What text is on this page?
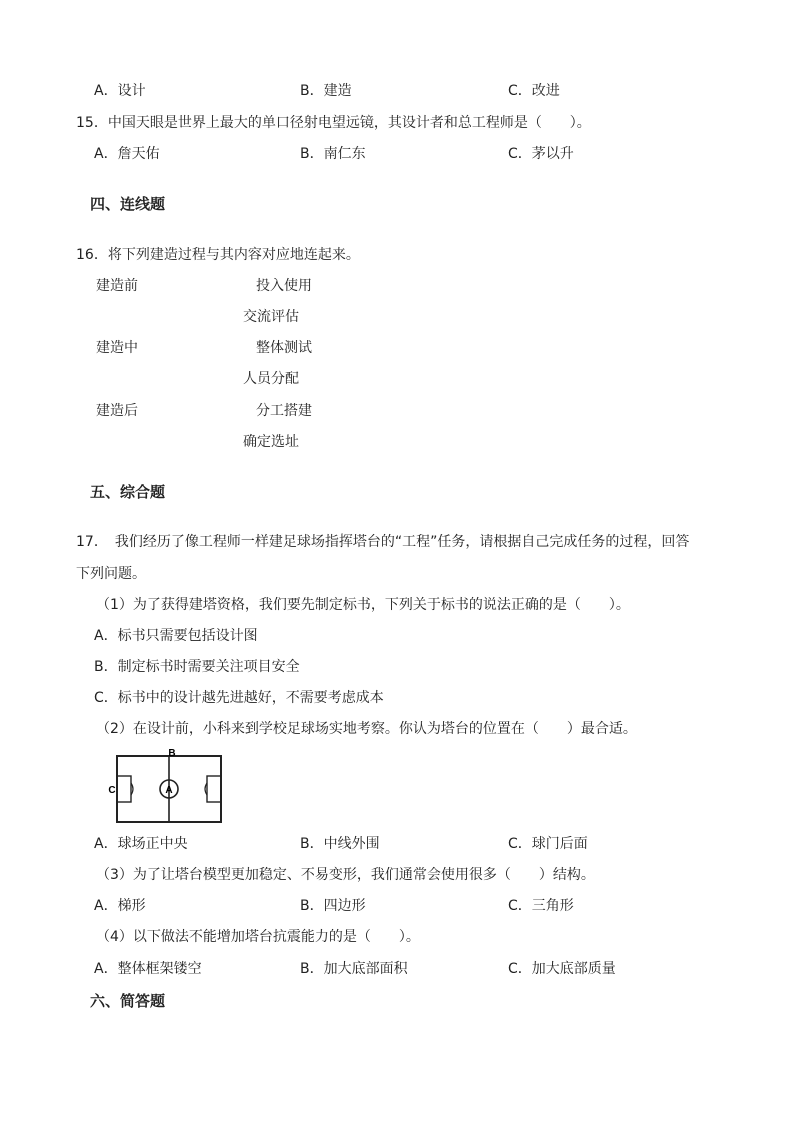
A．设计	B．建造	C．改进
15．中国天眼是世界上最大的单口径射电望远镜，其设计者和总工程师是（　　）。
A．詹天佑	B．南仁东	C．茅以升
四、连线题
16．将下列建造过程与其内容对应地连起来。
建造前	投入使用
交流评估
建造中	整体测试
人员分配
建造后	分工搭建
确定选址
五、综合题
17．　我们经历了像工程师一样建足球场指挥塔台的“工程”任务，请根据自己完成任务的过程，回答
下列问题。
（1）为了获得建塔资格，我们要先制定标书，下列关于标书的说法正确的是（　　）。
A．标书只需要包括设计图
B．制定标书时需要关注项目安全
C．标书中的设计越先进越好，不需要考虑成本
（2）在设计前，小科来到学校足球场实地考察。你认为塔台的位置在（　　）最合适。
A
B
C
A．球场正中央	B．中线外围	C．球门后面
（3）为了让塔台模型更加稳定、不易变形，我们通常会使用很多（　　）结构。
A．梯形	B．四边形	C．三角形
（4）以下做法不能增加塔台抗震能力的是（　　）。
A．整体框架镂空	B．加大底部面积	C．加大底部质量
六、简答题
